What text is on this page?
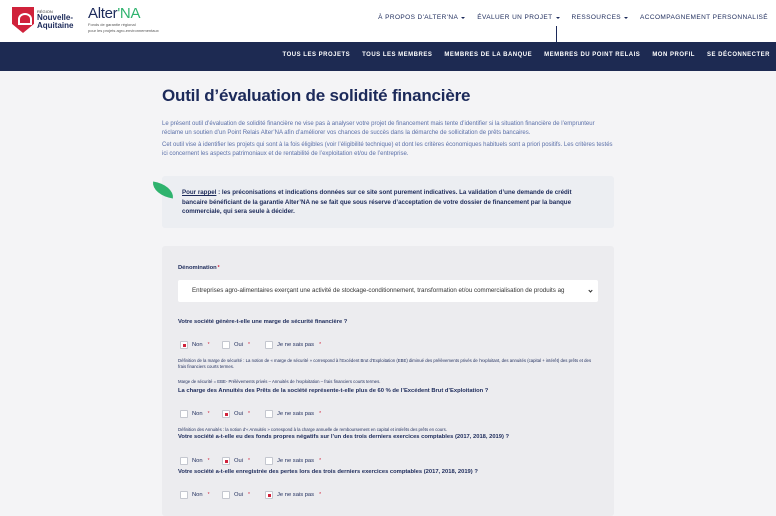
RÉGION
Nouvelle-
Aquitaine
Alter'NA
Fonds de garantie régional
pour les projets agro-environnementaux
À PROPOS D'ALTER'NA	ÉVALUER UN PROJET	RESSOURCES	ACCOMPAGNEMENT PERSONNALISÉ
TOUS LES PROJETS TOUS LES MEMBRES MEMBRES DE LA BANQUE MEMBRES DU POINT RELAIS MON PROFIL SE DÉCONNECTER
Outil d’évaluation de solidité financière

Le présent outil d’évaluation de solidité financière ne vise pas à analyser votre projet de financement mais tente d’identifier si la situation financière de l’emprunteur réclame un soutien d’un Point Relais Alter’NA afin d’améliorer vos chances de succès dans la démarche de sollicitation de prêts bancaires.

Cet outil vise à identifier les projets qui sont à la fois éligibles (voir l’éligibilité technique) et dont les critères économiques habituels sont a priori positifs. Les critères testés ici concernent les aspects patrimoniaux et de rentabilité de l’exploitation et/ou de l’entreprise.

Pour rappel : les préconisations et indications données sur ce site sont purement indicatives. La validation d’une demande de crédit bancaire bénéficiant de la garantie Alter’NA ne se fait que sous réserve d’acceptation de votre dossier de financement par la banque commerciale, qui sera seule à décider.
Dénomination*
Entreprises agro-alimentaires exerçant une activité de stockage-conditionnement, transformation et/ou commercialisation de produits ag
Votre société génère-t-elle une marge de sécurité financière ?
Non *	Oui *	Je ne sais pas *
Définition de la marge de sécurité : La notion de « marge de sécurité » correspond à l’Excédent Brut d’Exploitation (EBE) diminué des prélèvements privés de l’exploitant, des annuités (capital + intérêt) des prêts et des frais financiers courts termes.
Marge de sécurité = EBE- Prélèvements privés – Annuités de l’exploitation – frais financiers courts termes.
La charge des Annuités des Prêts de la société représente-t-elle plus de 60 % de l’Excédent Brut d’Exploitation ?
Non *	Oui *	Je ne sais pas *
Définition des Annuités : la notion d’« Annuités » correspond à la charge annuelle de remboursement en capital et intérêts des prêts en cours.
Votre société a-t-elle eu des fonds propres négatifs sur l’un des trois derniers exercices comptables (2017, 2018, 2019) ?
Non *	Oui *	Je ne sais pas *
Votre société a-t-elle enregistrée des pertes lors des trois derniers exercices comptables (2017, 2018, 2019) ?
Non *	Oui *	Je ne sais pas *
